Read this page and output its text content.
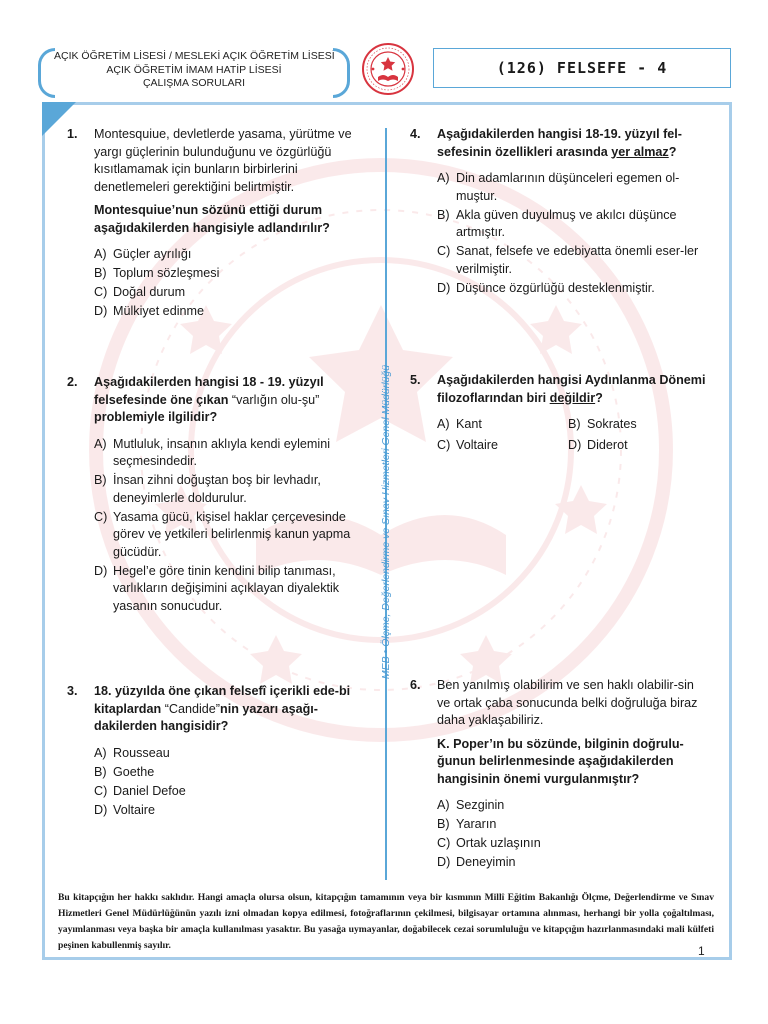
AÇIK ÖĞRETİM LİSESİ / MESLEKİ AÇIK ÖĞRETİM LİSESİ
AÇIK ÖĞRETİM İMAM HATİP LİSESİ
ÇALIŞMA SORULARI
(126) FELSEFE - 4
MEB • Ölçme, Değerlendirme ve Sınav Hizmetleri Genel Müdürlüğü
1. Montesquiue, devletlerde yasama, yürütme ve yargı güçlerinin bulunduğunu ve özgürlüğü kısıtlamamak için bunların birbirlerini denetlemeleri gerektiğini belirtmiştir.

Montesquiue’nun sözünü ettiği durum aşağıdakilerden hangisiyle adlandırılır?

A) Güçler ayrılığı
B) Toplum sözleşmesi
C) Doğal durum
D) Mülkiyet edinme
2. Aşağıdakilerden hangisi 18 - 19. yüzyıl felsefesinde öne çıkan “varlığın olu-şu” problemiyle ilgilidir?

A) Mutluluk, insanın aklıyla kendi eylemini seçmesindedir.
B) İnsan zihni doğuştan boş bir levhadır, deneyimlerle doldurulur.
C) Yasama gücü, kişisel haklar çerçevesinde görev ve yetkileri belirlenmiş kanun yapma gücüdür.
D) Hegel’e göre tinin kendini bilip tanıması, varlıkların değişimini açıklayan diyalektik yasanın sonucudur.
3. 18. yüzyılda öne çıkan felsefî içerikli ede-bi kitaplardan “Candide”nin yazarı aşağı-dakilerden hangisidir?

A) Rousseau
B) Goethe
C) Daniel Defoe
D) Voltaire
4. Aşağıdakilerden hangisi 18-19. yüzyıl fel-sefesinin özellikleri arasında yer almaz?

A) Din adamlarının düşünceleri egemen ol-muştur.
B) Akla güven duyulmuş ve akılcı düşünce artmıştır.
C) Sanat, felsefe ve edebiyatta önemli eser-ler verilmiştir.
D) Düşünce özgürlüğü desteklenmiştir.
5. Aşağıdakilerden hangisi Aydınlanma Dönemi filozoflarından biri değildir?

A) Kant	B) Sokrates
C) Voltaire	D) Diderot
6. Ben yanılmış olabilirim ve sen haklı olabilir-sin ve ortak çaba sonucunda belki doğruluğa biraz daha yaklaşabiliriz.

K. Poper’ın bu sözünde, bilginin doğrulu-ğunun belirlenmesinde aşağıdakilerden hangisinin önemi vurgulanmıştır?

A) Sezginin
B) Yararın
C) Ortak uzlaşının
D) Deneyimin
Bu kitapçığın her hakkı saklıdır. Hangi amaçla olursa olsun, kitapçığın tamamının veya bir kısmının Millî Eğitim Bakanlığı Ölçme, Değerlendirme ve Sınav Hizmetleri Genel Müdürlüğünün yazılı izni olmadan kopya edilmesi, fotoğraflarının çekilmesi, bilgisayar ortamına alınması, herhangi bir yolla çoğaltılması, yayımlanması veya başka bir amaçla kullanılması yasaktır. Bu yasağa uymayanlar, doğabilecek cezai sorumluluğu ve kitapçığın hazırlanmasındaki mali külfeti peşinen kabullenmiş sayılır.	1
